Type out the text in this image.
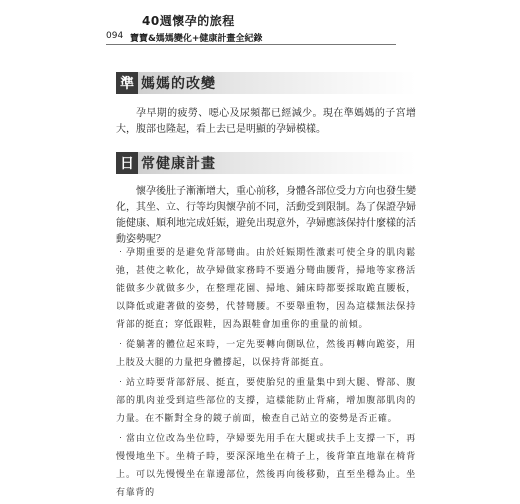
40週懷孕的旅程
094 寶寶&媽媽變化+健康計畫全紀錄
準 媽媽的改變

孕早期的疲勞、噁心及尿頻都已經減少。現在準媽媽的子宮增大，腹部也隆起，看上去已是明顯的孕婦模樣。

日 常健康計畫

懷孕後肚子漸漸增大，重心前移，身體各部位受力方向也發生變化，其坐、立、行等均與懷孕前不同，活動受到限制。為了保證孕婦能健康、順利地完成妊娠，避免出現意外，孕婦應該保持什麼樣的活動姿勢呢？

‧孕期重要的是避免背部彎曲。由於妊娠期性激素可使全身的肌肉鬆弛，甚使之軟化，故孕婦做家務時不要過分彎曲腰背，掃地等家務活能做多少就做多少，在整理花園、掃地、鋪床時都要採取跪直腰板，以降低或避著做的姿勢，代替彎腰。不要舉重物，因為這樣無法保持背部的挺直；穿低跟鞋，因為跟鞋會加重你的重量的前傾。

‧從躺著的體位起來時，一定先要轉向側臥位，然後再轉向跪姿，用上肢及大腿的力量把身體撐起，以保持背部挺直。

‧站立時要背部舒展、挺直，要使胎兒的重量集中到大腿、臀部、腹部的肌肉並受到這些部位的支撐，這樣能防止背痛，增加腹部肌肉的力量。在不斷對全身的鏡子前面，檢查自己站立的姿勢是否正確。

‧當由立位改為坐位時，孕婦要先用手在大腿或扶手上支撐一下，再慢慢地坐下。坐椅子時，要深深地坐在椅子上，後背筆直地靠在椅背上。可以先慢慢坐在靠邊部位，然後再向後移動，直至坐穩為止。坐有靠背的
